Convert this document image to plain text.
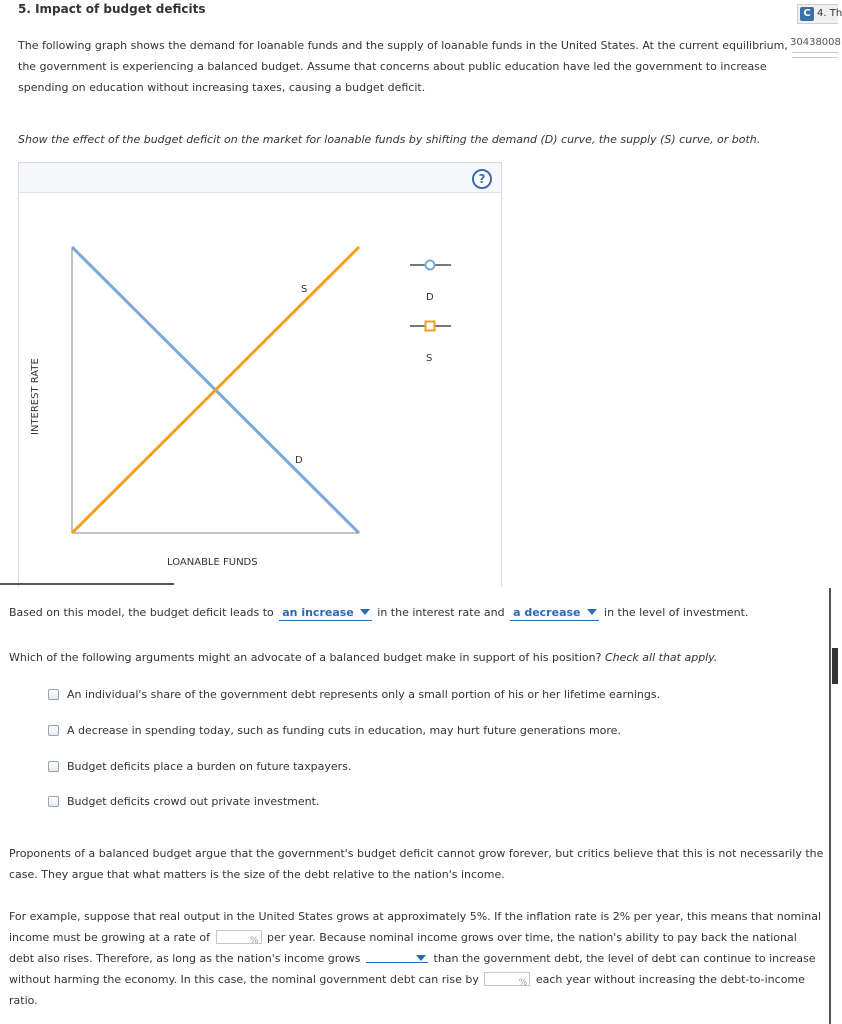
5. Impact of budget deficits	C 4. Th
30438008
The following graph shows the demand for loanable funds and the supply of loanable funds in the United States. At the current equilibrium, the government is experiencing a balanced budget. Assume that concerns about public education have led the government to increase spending on education without increasing taxes, causing a budget deficit.
Show the effect of the budget deficit on the market for loanable funds by shifting the demand (D) curve, the supply (S) curve, or both.
?
S
D
INTEREST RATE
LOANABLE FUNDS
D
S
Based on this model, the budget deficit leads to an increase in the interest rate and a decrease in the level of investment.
Which of the following arguments might an advocate of a balanced budget make in support of his position? Check all that apply.
An individual's share of the government debt represents only a small portion of his or her lifetime earnings.
A decrease in spending today, such as funding cuts in education, may hurt future generations more.
Budget deficits place a burden on future taxpayers.
Budget deficits crowd out private investment.
Proponents of a balanced budget argue that the government's budget deficit cannot grow forever, but critics believe that this is not necessarily the case. They argue that what matters is the size of the debt relative to the nation's income.
For example, suppose that real output in the United States grows at approximately 5%. If the inflation rate is 2% per year, this means that nominal income must be growing at a rate of	% per year. Because nominal income grows over time, the nation's ability to pay back the national debt also rises. Therefore, as long as the nation's income grows	than the government debt, the level of debt can continue to increase without harming the economy. In this case, the nominal government debt can rise by	% each year without increasing the debt-to-income ratio.
